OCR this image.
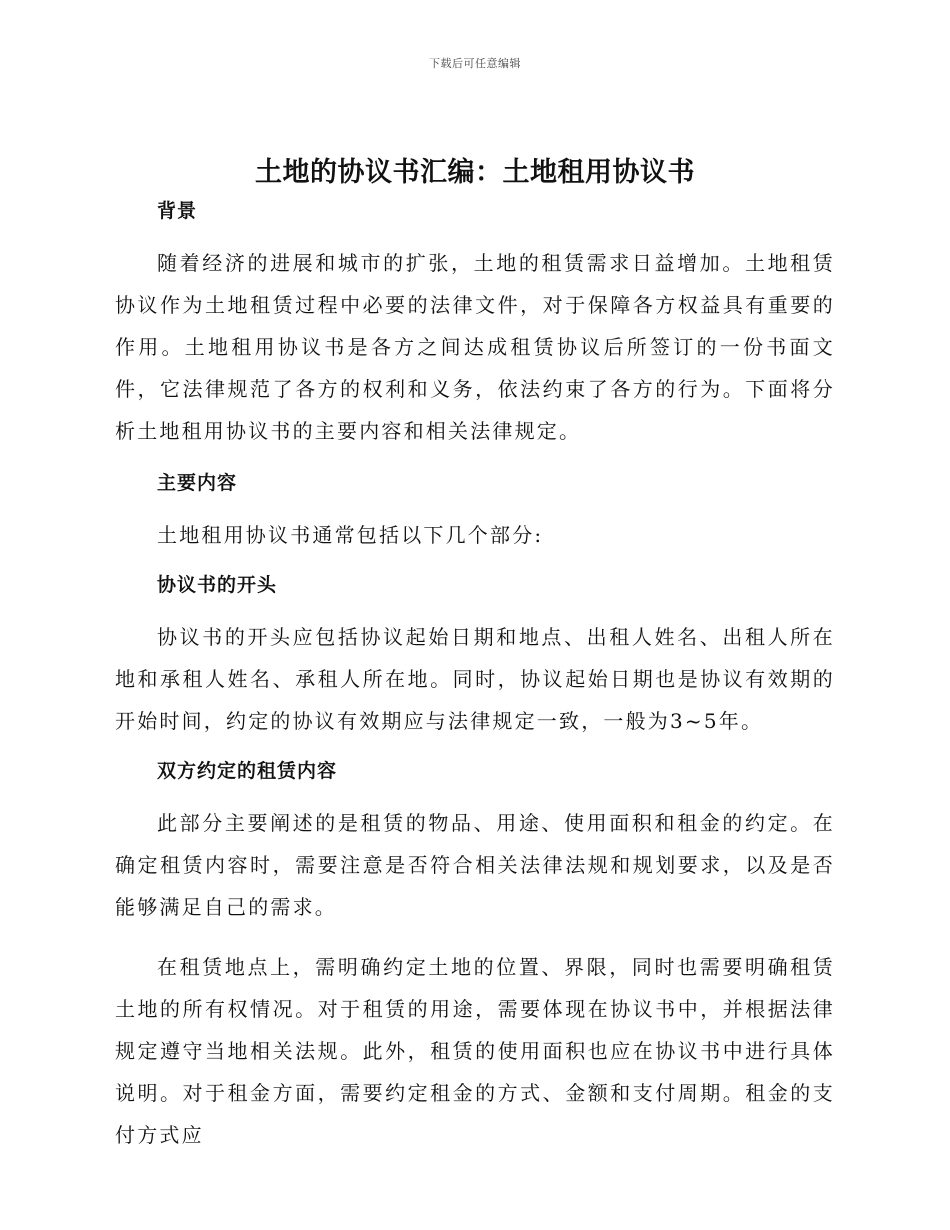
下载后可任意编辑
土地的协议书汇编：土地租用协议书
背景

随着经济的进展和城市的扩张，土地的租赁需求日益增加。土地租赁协议作为土地租赁过程中必要的法律文件，对于保障各方权益具有重要的作用。土地租用协议书是各方之间达成租赁协议后所签订的一份书面文件，它法律规范了各方的权利和义务，依法约束了各方的行为。下面将分析土地租用协议书的主要内容和相关法律规定。

主要内容

土地租用协议书通常包括以下几个部分:

协议书的开头

协议书的开头应包括协议起始日期和地点、出租人姓名、出租人所在地和承租人姓名、承租人所在地。同时，协议起始日期也是协议有效期的开始时间，约定的协议有效期应与法律规定一致，一般为3~5年。

双方约定的租赁内容

此部分主要阐述的是租赁的物品、用途、使用面积和租金的约定。在确定租赁内容时，需要注意是否符合相关法律法规和规划要求，以及是否能够满足自己的需求。

在租赁地点上，需明确约定土地的位置、界限，同时也需要明确租赁土地的所有权情况。对于租赁的用途，需要体现在协议书中，并根据法律规定遵守当地相关法规。此外，租赁的使用面积也应在协议书中进行具体说明。对于租金方面，需要约定租金的方式、金额和支付周期。租金的支付方式应
